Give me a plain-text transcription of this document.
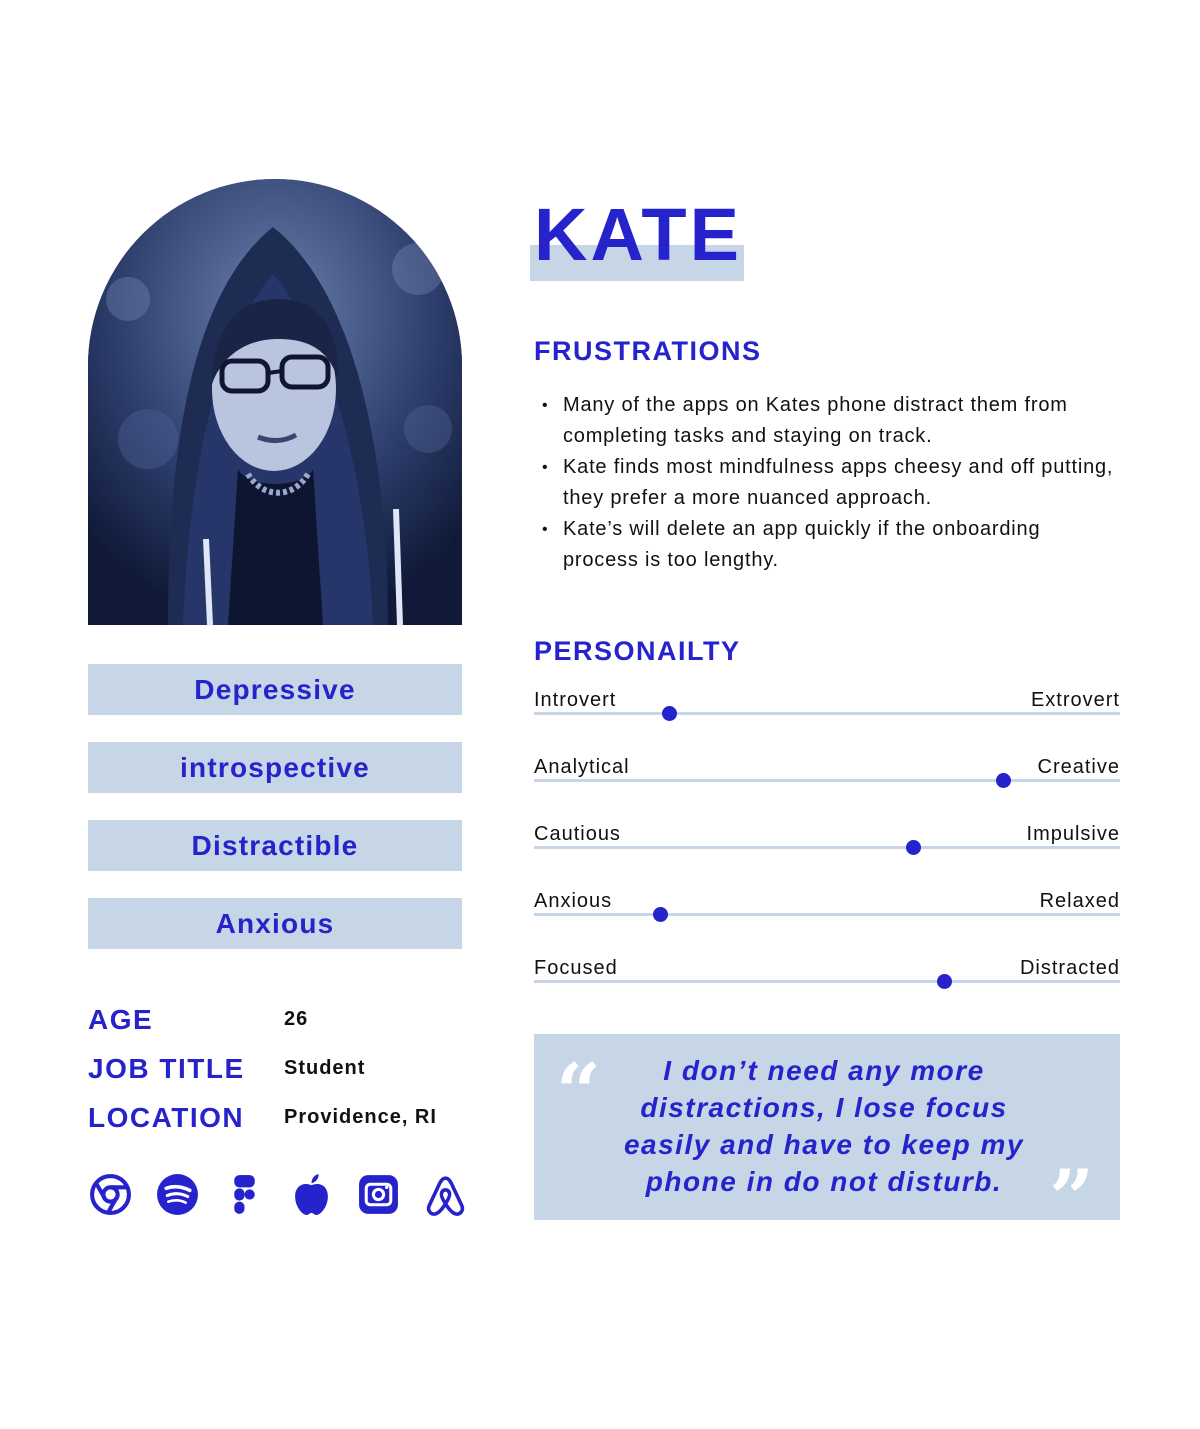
Depressive
introspective
Distractible
Anxious
AGE	26
JOB TITLE	Student
LOCATION	Providence, RI
KATE
FRUSTRATIONS
• Many of the apps on Kates phone distract them from completing tasks and staying on track.
• Kate finds most mindfulness apps cheesy and off putting, they prefer a more nuanced approach.
• Kate’s will delete an app quickly if the onboarding process is too lengthy.
PERSONAILTY
Introvert	Extrovert
Analytical	Creative
Cautious	Impulsive
Anxious	Relaxed
Focused	Distracted
“	I don’t need any more distractions, I lose focus easily and have to keep my phone in do not disturb. ”
